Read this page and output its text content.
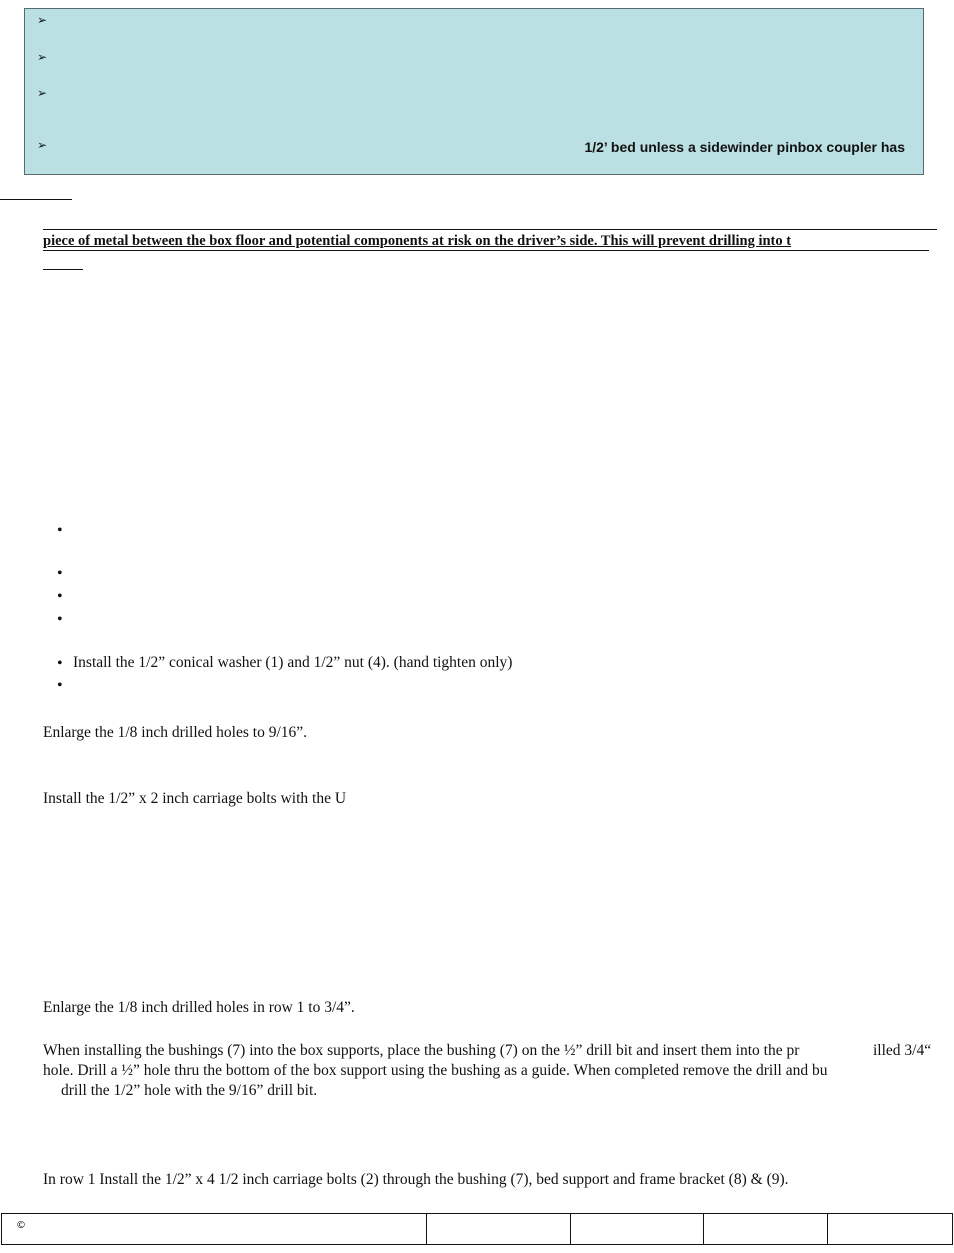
➢
➢
➢
➢	1/2’ bed unless a sidewinder pinbox coupler has
piece of metal between the box floor and potential components at risk on the driver’s side. This will prevent drilling into t
•
•
•
•
• Install the 1/2” conical washer (1) and 1/2” nut (4). (hand tighten only)
•
Enlarge the 1/8 inch drilled holes to 9/16”.
Install the 1/2” x 2 inch carriage bolts with the U
Enlarge the 1/8 inch drilled holes in row 1 to 3/4”.
When installing the bushings (7) into the box supports, place the bushing (7) on the ½” drill bit and insert them into the pr	illed 3/4“
hole. Drill a ½” hole thru the bottom of the box support using the bushing as a guide. When completed remove the drill and bu
drill the 1/2” hole with the 9/16” drill bit.
In row 1 Install the 1/2” x 4 1/2 inch carriage bolts (2) through the bushing (7), bed support and frame bracket (8) & (9).
©
